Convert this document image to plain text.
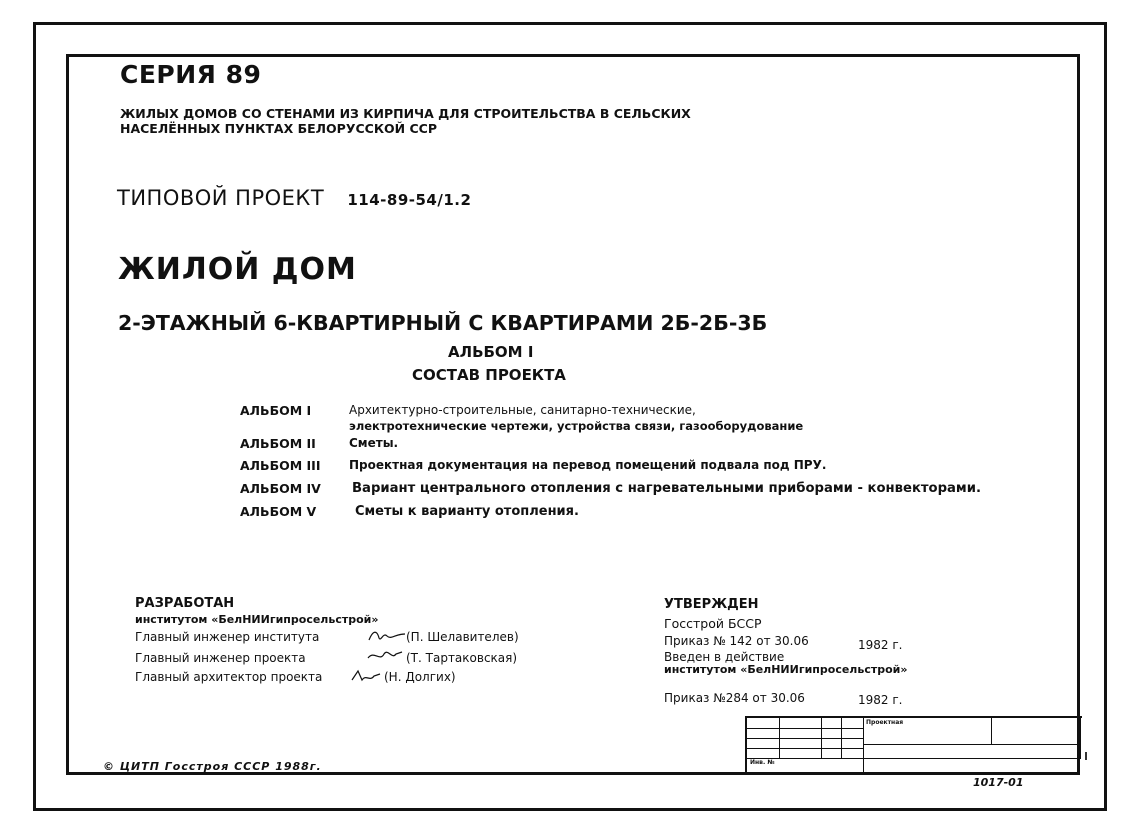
СЕРИЯ 89
ЖИЛЫХ ДОМОВ СО СТЕНАМИ ИЗ КИРПИЧА ДЛЯ СТРОИТЕЛЬСТВА В СЕЛЬСКИХ
НАСЕЛЁННЫХ ПУНКТАХ БЕЛОРУССКОЙ ССР
ТИПОВОЙ ПРОЕКТ 114-89-54/1.2
ЖИЛОЙ ДОМ
2-ЭТАЖНЫЙ 6-КВАРТИРНЫЙ С КВАРТИРАМИ 2Б-2Б-3Б
АЛЬБОМ I
СОСТАВ ПРОЕКТА
АЛЬБОМ I	Архитектурно-строительные, санитарно-технические,
электротехнические чертежи, устройства связи, газооборудование
АЛЬБОМ II	Сметы.
АЛЬБОМ III Проектная документация на перевод помещений подвала под ПРУ.
АЛЬБОМ IV Вариант центрального отопления с нагревательными приборами - конвекторами.
АЛЬБОМ V	Сметы к варианту отопления.
РАЗРАБОТАН
институтом «БелНИИгипросельстрой»
Главный инженер института	(П. Шелавителев)
Главный инженер проекта	(Т. Тартаковская)
Главный архитектор проекта	(Н. Долгих)
УТВЕРЖДЕН
Госстрой БССР
Приказ № 142 от 30.06	1982 г.
Введен в действие
институтом «БелНИИгипросельстрой»
Приказ №284 от 30.06	1982 г.
Проектная
Инв. №
© ЦИТП Госстроя СССР 1988г.
1017-01
